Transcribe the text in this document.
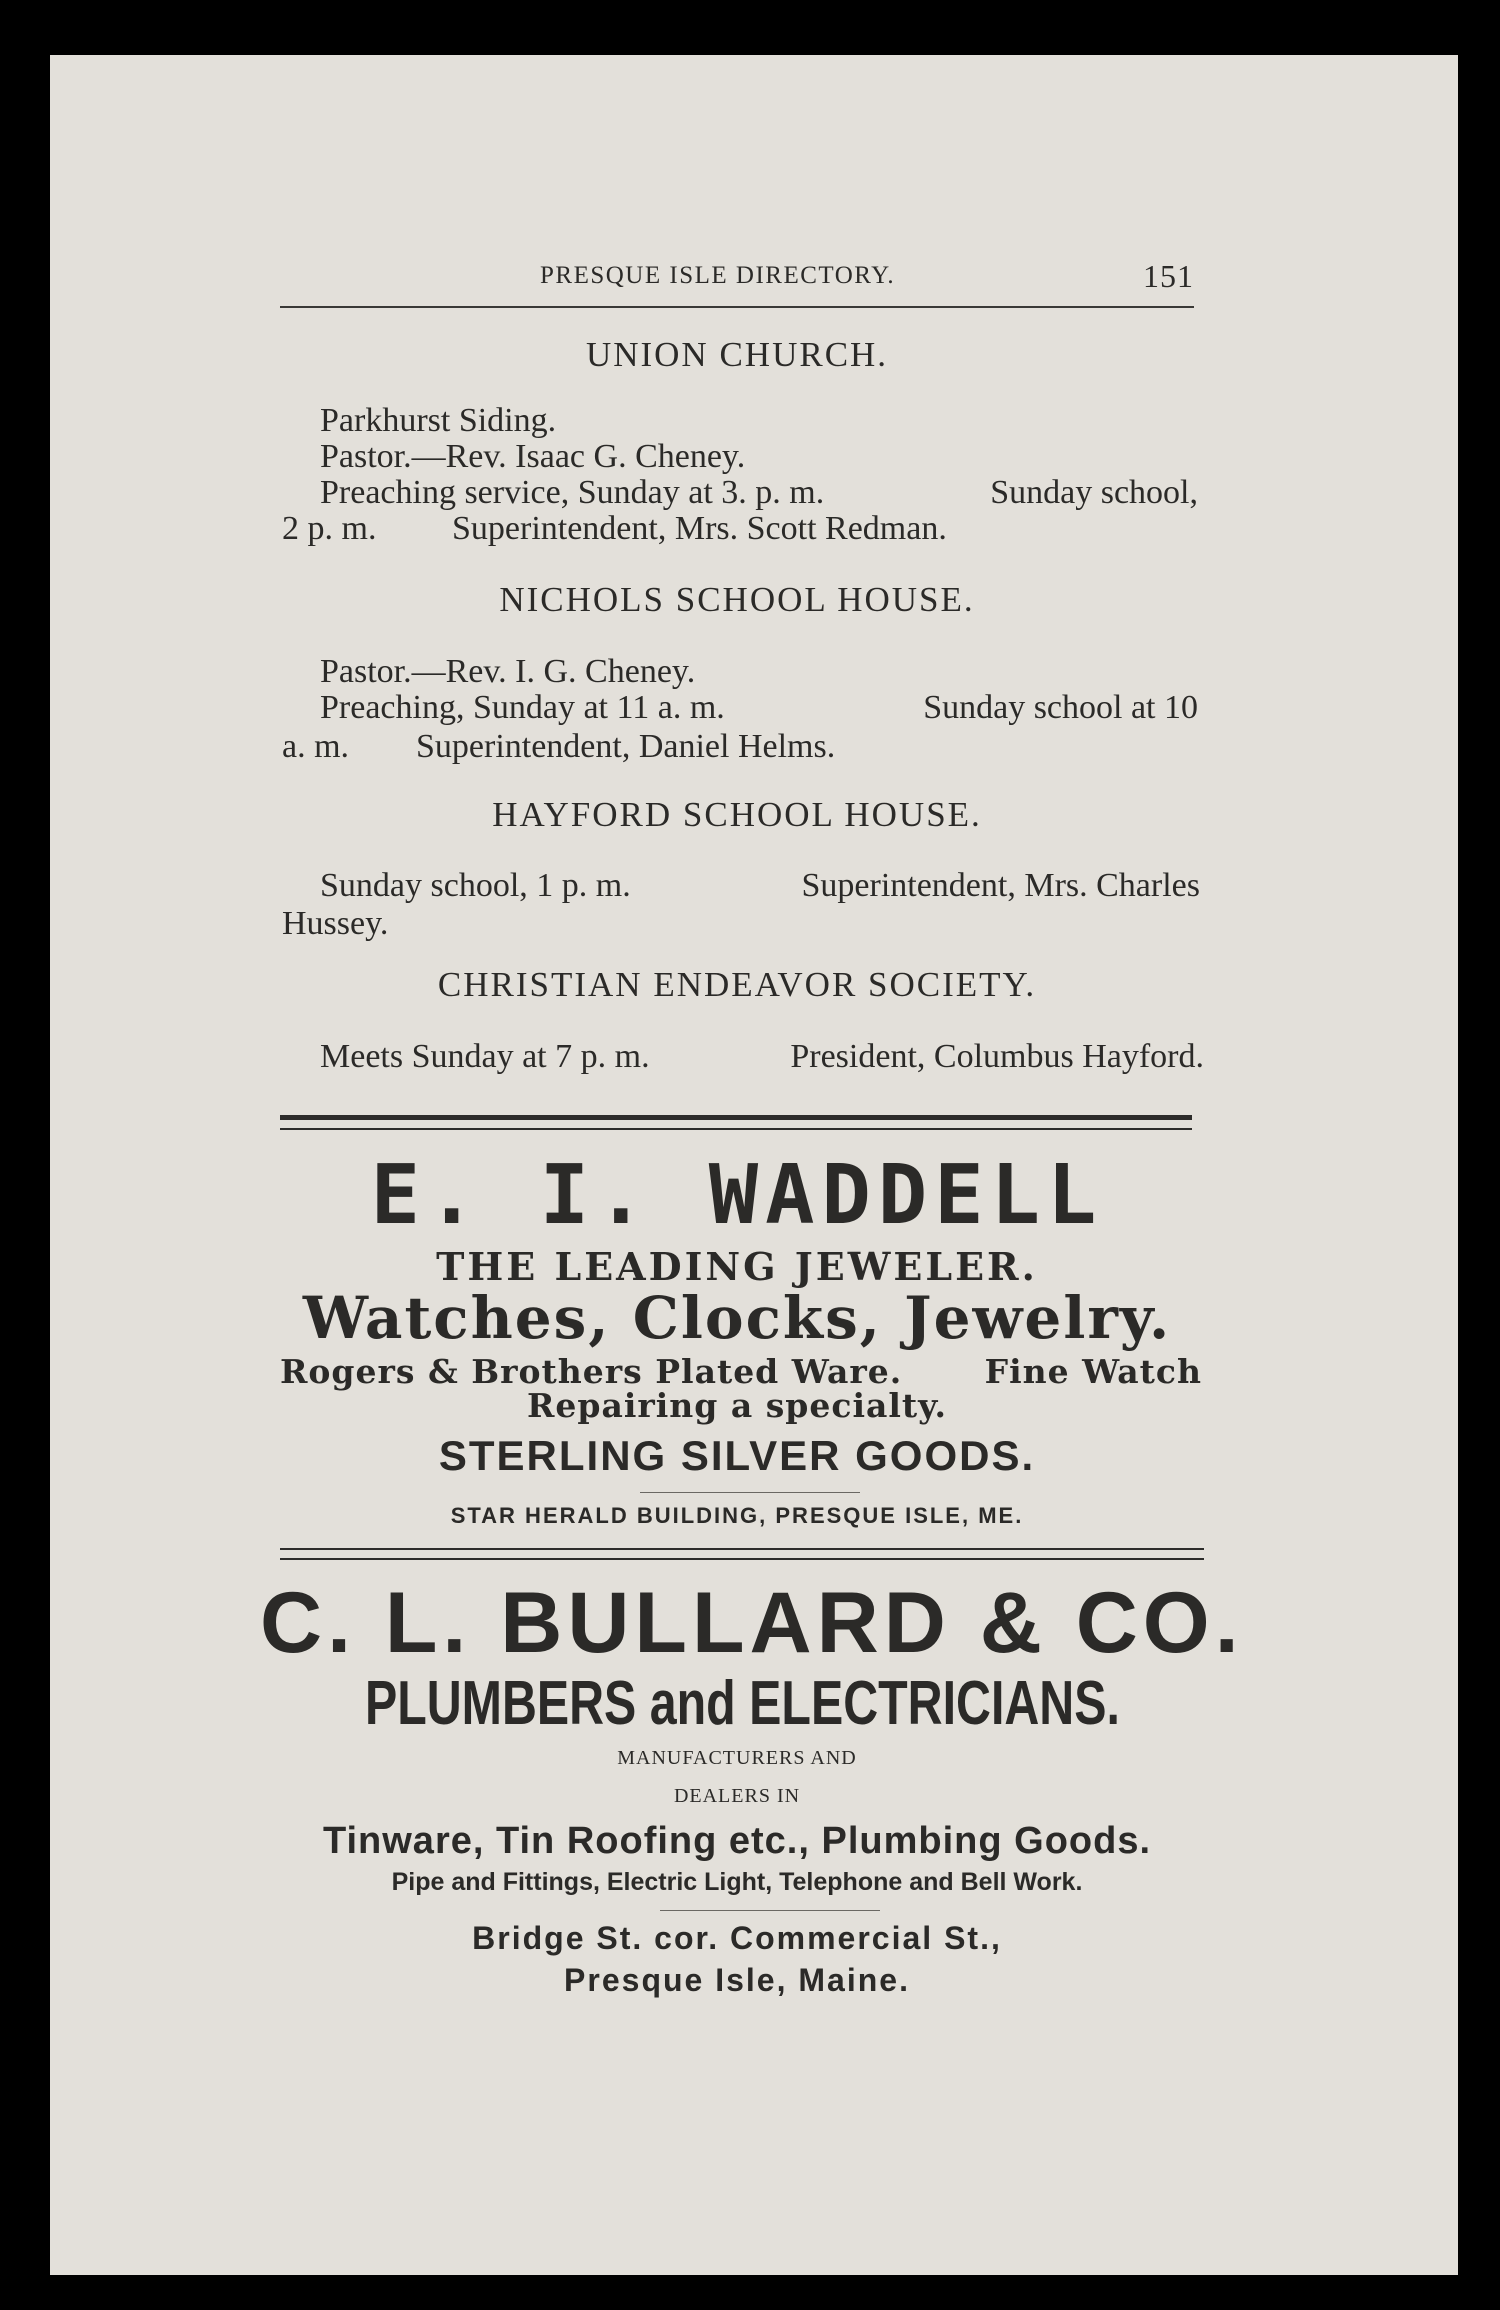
PRESQUE ISLE DIRECTORY.	151
UNION CHURCH.
Parkhurst Siding.
Pastor.—Rev. Isaac G. Cheney.
Preaching service, Sunday at 3. p. m.	Sunday school,
2 p. m. Superintendent, Mrs. Scott Redman.
NICHOLS SCHOOL HOUSE.
Pastor.—Rev. I. G. Cheney.
Preaching, Sunday at 11 a. m.	Sunday school at 10
a. m. Superintendent, Daniel Helms.
HAYFORD SCHOOL HOUSE.
Sunday school, 1 p. m.	Superintendent, Mrs. Charles
Hussey.
CHRISTIAN ENDEAVOR SOCIETY.
Meets Sunday at 7 p. m.	President, Columbus Hayford.
E. I. WADDELL
THE LEADING JEWELER.
Watches, Clocks, Jewelry.
Rogers & Brothers Plated Ware. Fine Watch
Repairing a specialty.
STERLING SILVER GOODS.
STAR HERALD BUILDING, PRESQUE ISLE, ME.
C. L. BULLARD & CO.
PLUMBERS and ELECTRICIANS.
MANUFACTURERS AND
DEALERS IN
Tinware, Tin Roofing etc., Plumbing Goods.
Pipe and Fittings, Electric Light, Telephone and Bell Work.
Bridge St. cor. Commercial St.,
Presque Isle, Maine.
